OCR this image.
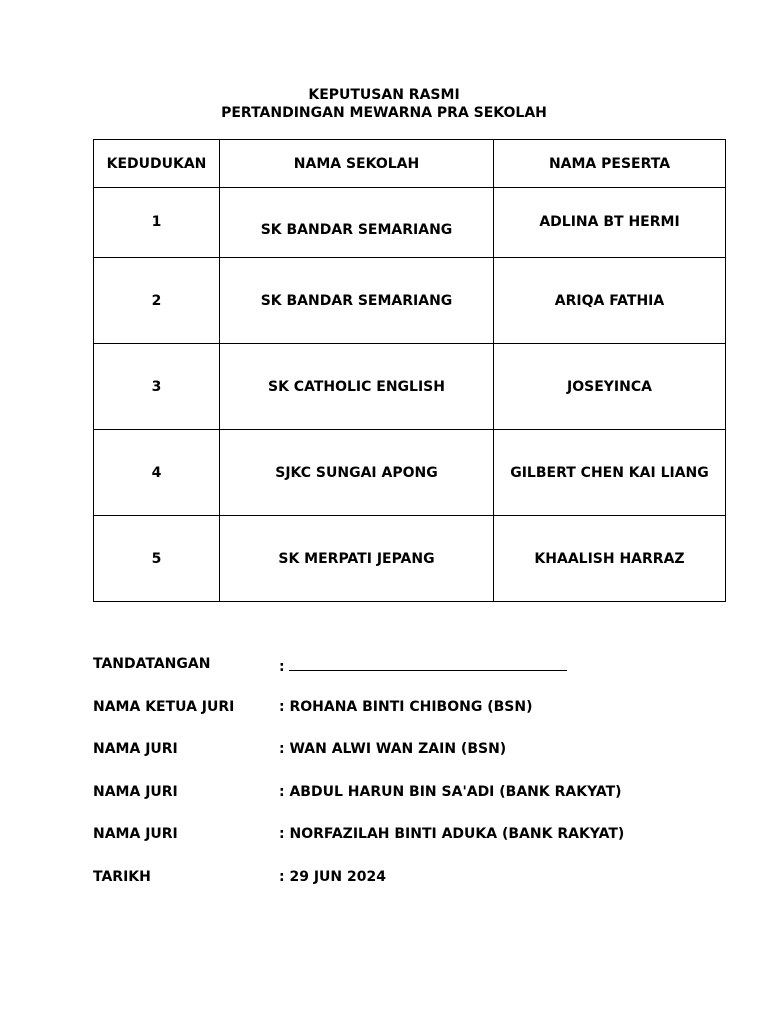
KEPUTUSAN RASMI
PERTANDINGAN MEWARNA PRA SEKOLAH
KEDUDUKAN	NAMA SEKOLAH	NAMA PESERTA
1	SK BANDAR SEMARIANG	ADLINA BT HERMI
2	SK BANDAR SEMARIANG	ARIQA FATHIA
3	SK CATHOLIC ENGLISH	JOSEYINCA
4	SJKC SUNGAI APONG	GILBERT CHEN KAI LIANG
5	SK MERPATI JEPANG	KHAALISH HARRAZ
TANDATANGAN	:
NAMA KETUA JURI	: ROHANA BINTI CHIBONG (BSN)
NAMA JURI	: WAN ALWI WAN ZAIN (BSN)
NAMA JURI	: ABDUL HARUN BIN SA'ADI (BANK RAKYAT)
NAMA JURI	: NORFAZILAH BINTI ADUKA (BANK RAKYAT)
TARIKH	: 29 JUN 2024
